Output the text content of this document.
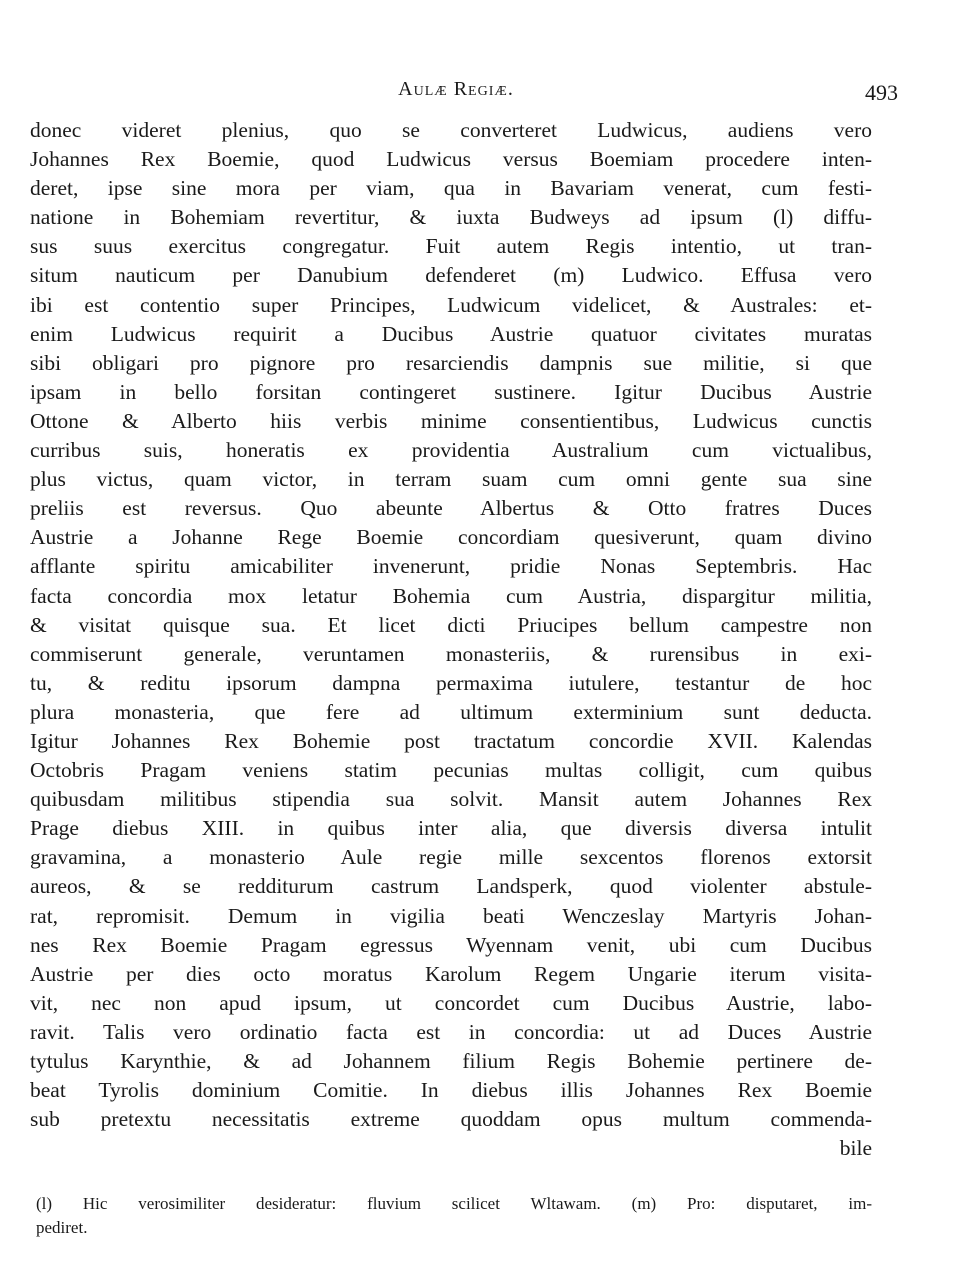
Aulæ Regiæ.	493
donec videret plenius, quo se converteret Ludwicus, audiens vero
Johannes Rex Boemie, quod Ludwicus versus Boemiam procedere inten-
deret, ipse sine mora per viam, qua in Bavariam venerat, cum festi-
natione in Bohemiam revertitur, & iuxta Budweys ad ipsum (l) diffu-
sus suus exercitus congregatur. Fuit autem Regis intentio, ut tran-
situm nauticum per Danubium defenderet (m) Ludwico. Effusa vero
ibi est contentio super Principes, Ludwicum videlicet, & Australes: et-
enim Ludwicus requirit a Ducibus Austrie quatuor civitates muratas
sibi obligari pro pignore pro resarciendis dampnis sue militie, si que
ipsam in bello forsitan contingeret sustinere. Igitur Ducibus Austrie
Ottone & Alberto hiis verbis minime consentientibus, Ludwicus cunctis
curribus suis, honeratis ex providentia Australium cum victualibus,
plus victus, quam victor, in terram suam cum omni gente sua sine
preliis est reversus. Quo abeunte Albertus & Otto fratres Duces
Austrie a Johanne Rege Boemie concordiam quesiverunt, quam divino
afflante spiritu amicabiliter invenerunt, pridie Nonas Septembris. Hac
facta concordia mox letatur Bohemia cum Austria, dispargitur militia,
& visitat quisque sua. Et licet dicti Priucipes bellum campestre non
commiserunt generale, veruntamen monasteriis, & rurensibus in exi-
tu, & reditu ipsorum dampna permaxima iutulere, testantur de hoc
plura monasteria, que fere ad ultimum exterminium sunt deducta.
Igitur Johannes Rex Bohemie post tractatum concordie XVII. Kalendas
Octobris Pragam veniens statim pecunias multas colligit, cum quibus
quibusdam militibus stipendia sua solvit. Mansit autem Johannes Rex
Prage diebus XIII. in quibus inter alia, que diversis diversa intulit
gravamina, a monasterio Aule regie mille sexcentos florenos extorsit
aureos, & se redditurum castrum Landsperk, quod violenter abstule-
rat, repromisit. Demum in vigilia beati Wenczeslay Martyris Johan-
nes Rex Boemie Pragam egressus Wyennam venit, ubi cum Ducibus
Austrie per dies octo moratus Karolum Regem Ungarie iterum visita-
vit, nec non apud ipsum, ut concordet cum Ducibus Austrie, labo-
ravit. Talis vero ordinatio facta est in concordia: ut ad Duces Austrie
tytulus Karynthie, & ad Johannem filium Regis Bohemie pertinere de-
beat Tyrolis dominium Comitie. In diebus illis Johannes Rex Boemie
sub pretextu necessitatis extreme quoddam opus multum commenda-
bile
(l) Hic verosimiliter desideratur: fluvium scilicet Wltawam. (m) Pro: disputaret, im-
pediret.
